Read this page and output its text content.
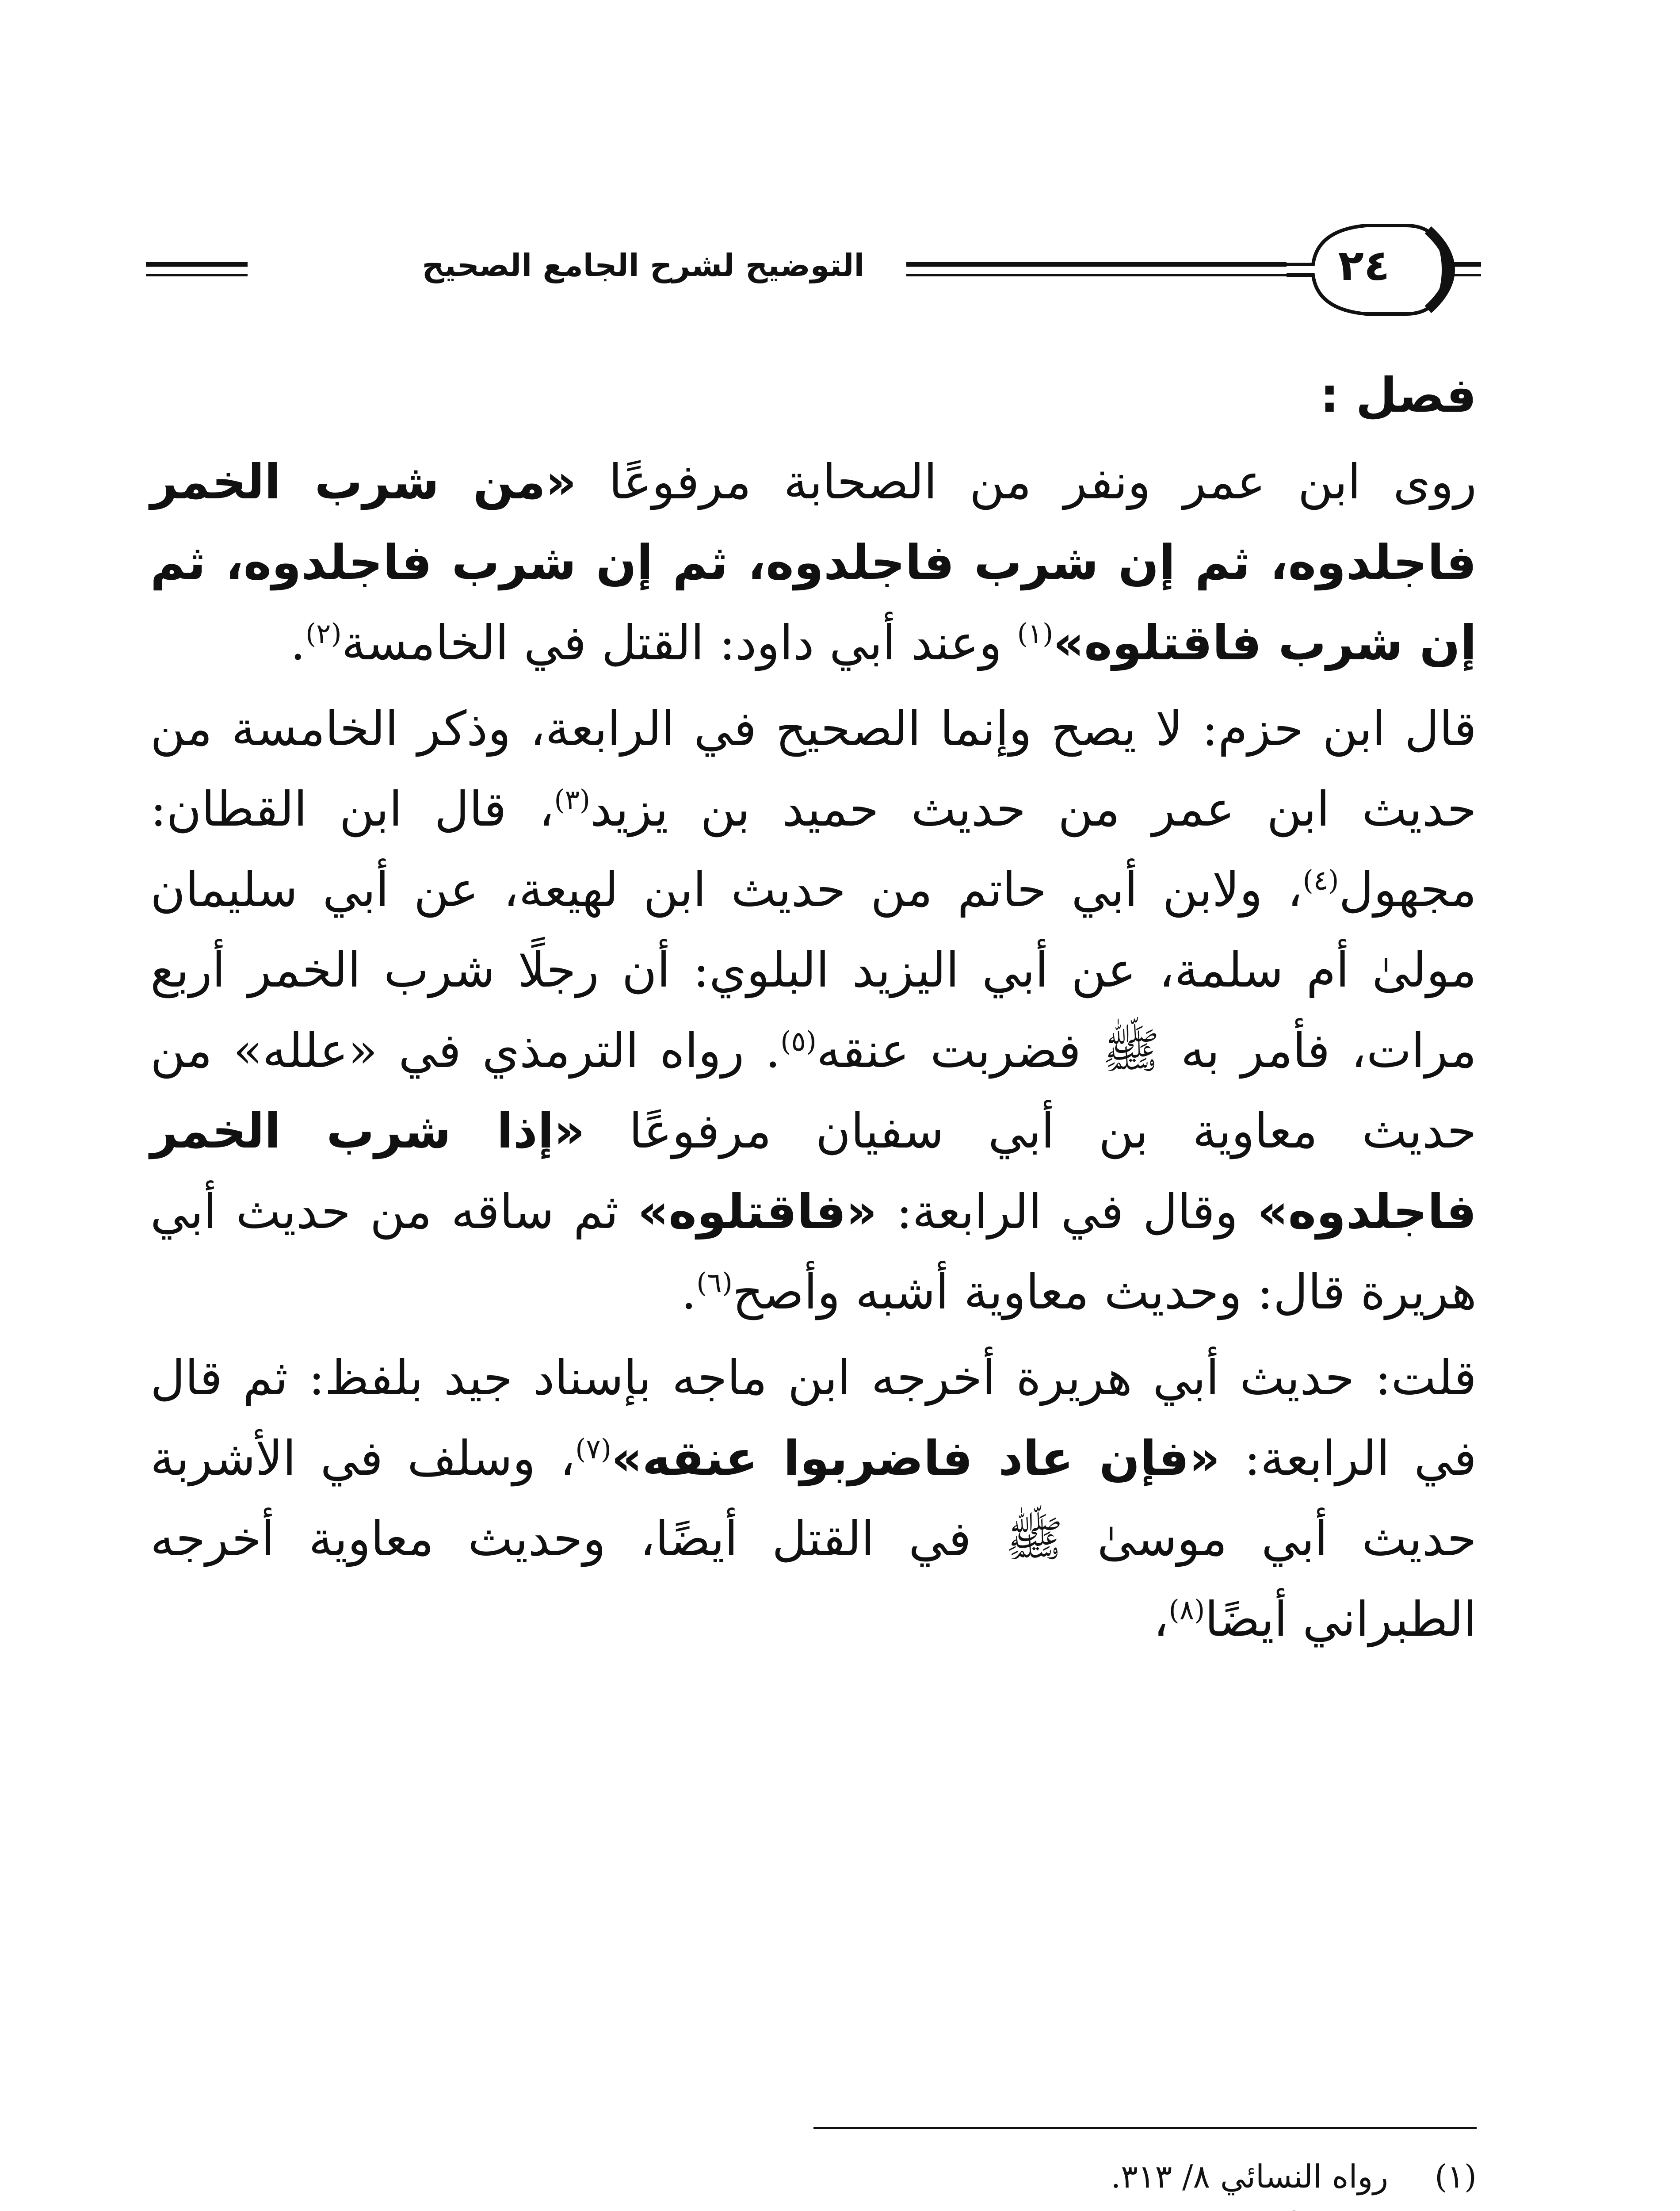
التوضيح لشرح الجامع الصحيح	٢٤
فصل :

روى ابن عمر ونفر من الصحابة مرفوعًا «من شرب الخمر فاجلدوه، ثم إن شرب فاجلدوه، ثم إن شرب فاجلدوه، ثم إن شرب فاقتلوه»$^{(١)}$ وعند أبي داود: القتل في الخامسة$^{(٢)}$.

قال ابن حزم: لا يصح وإنما الصحيح في الرابعة، وذكر الخامسة من حديث ابن عمر من حديث حميد بن يزيد$^{(٣)}$، قال ابن القطان: مجهول$^{(٤)}$، ولابن أبي حاتم من حديث ابن لهيعة، عن أبي سليمان مولىٰ أم سلمة، عن أبي اليزيد البلوي: أن رجلًا شرب الخمر أربع مرات، فأمر به ﷺ فضربت عنقه$^{(٥)}$. رواه الترمذي في «علله» من حديث معاوية بن أبي سفيان مرفوعًا «إذا شرب الخمر فاجلدوه» وقال في الرابعة: «فاقتلوه» ثم ساقه من حديث أبي هريرة قال: وحديث معاوية أشبه وأصح$^{(٦)}$.

قلت: حديث أبي هريرة أخرجه ابن ماجه بإسناد جيد بلفظ: ثم قال في الرابعة: «فإن عاد فاضربوا عنقه»$^{(٧)}$، وسلف في الأشربة حديث أبي موسىٰ ﷺ في القتل أيضًا، وحديث معاوية أخرجه الطبراني أيضًا$^{(٨)}$،

(١)
رواه النسائي ٨/ ٣١٣.
